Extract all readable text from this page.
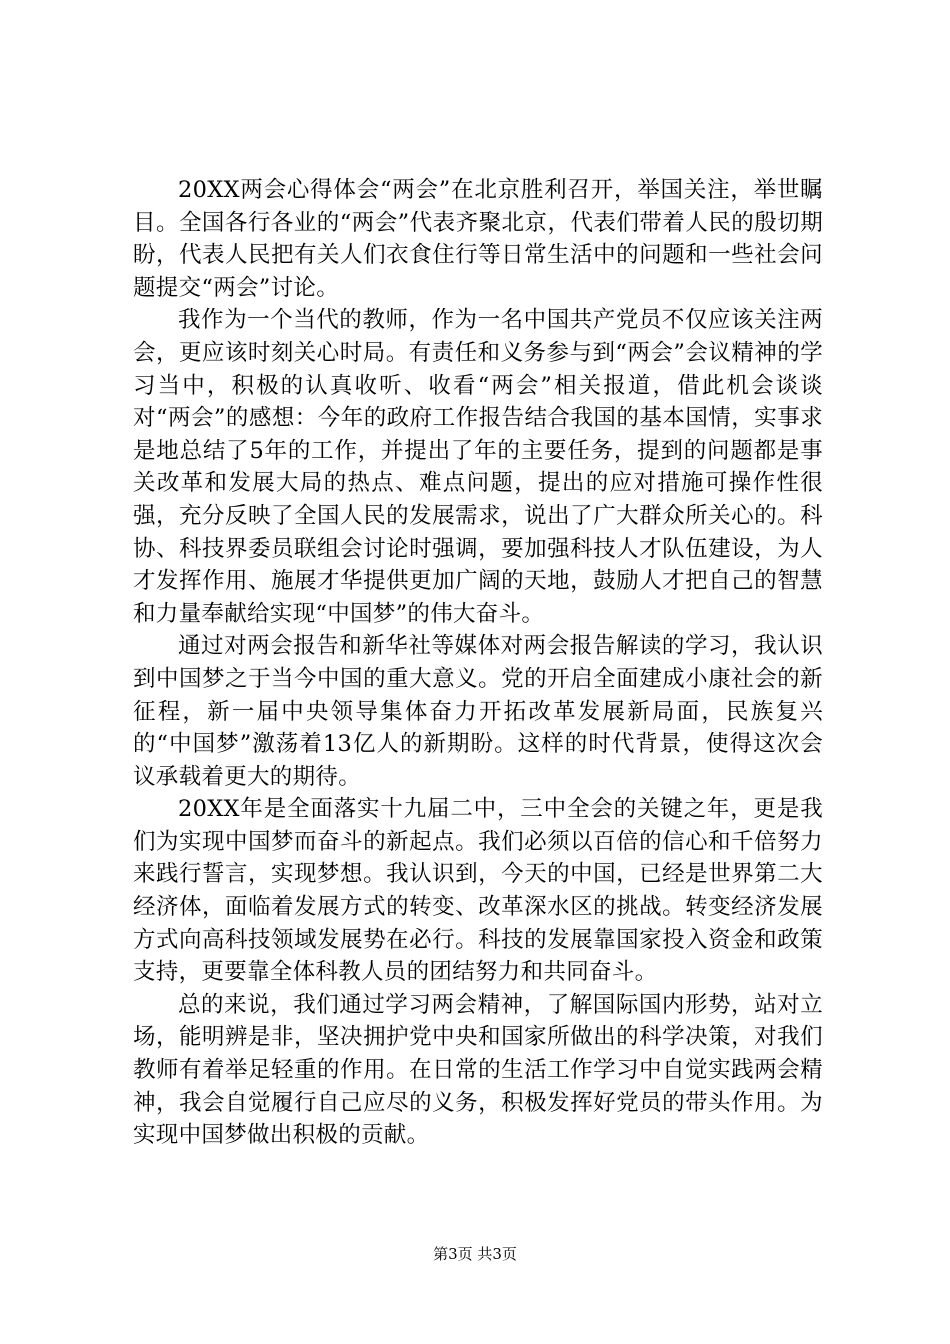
20XX两会心得体会“两会”在北京胜利召开，举国关注，举世瞩目。全国各行各业的“两会”代表齐聚北京，代表们带着人民的殷切期盼，代表人民把有关人们衣食住行等日常生活中的问题和一些社会问题提交“两会”讨论。

我作为一个当代的教师，作为一名中国共产党员不仅应该关注两会，更应该时刻关心时局。有责任和义务参与到“两会”会议精神的学习当中，积极的认真收听、收看“两会”相关报道，借此机会谈谈对“两会”的感想：今年的政府工作报告结合我国的基本国情，实事求是地总结了5年的工作，并提出了年的主要任务，提到的问题都是事关改革和发展大局的热点、难点问题，提出的应对措施可操作性很强，充分反映了全国人民的发展需求，说出了广大群众所关心的。科协、科技界委员联组会讨论时强调，要加强科技人才队伍建设，为人才发挥作用、施展才华提供更加广阔的天地，鼓励人才把自己的智慧和力量奉献给实现“中国梦”的伟大奋斗。

通过对两会报告和新华社等媒体对两会报告解读的学习，我认识到中国梦之于当今中国的重大意义。党的开启全面建成小康社会的新征程，新一届中央领导集体奋力开拓改革发展新局面，民族复兴的“中国梦”激荡着13亿人的新期盼。这样的时代背景，使得这次会议承载着更大的期待。

20XX年是全面落实十九届二中，三中全会的关键之年，更是我们为实现中国梦而奋斗的新起点。我们必须以百倍的信心和千倍努力来践行誓言，实现梦想。我认识到，今天的中国，已经是世界第二大经济体，面临着发展方式的转变、改革深水区的挑战。转变经济发展方式向高科技领域发展势在必行。科技的发展靠国家投入资金和政策支持，更要靠全体科教人员的团结努力和共同奋斗。

总的来说，我们通过学习两会精神，了解国际国内形势，站对立场，能明辨是非，坚决拥护党中央和国家所做出的科学决策，对我们教师有着举足轻重的作用。在日常的生活工作学习中自觉实践两会精神，我会自觉履行自己应尽的义务，积极发挥好党员的带头作用。为实现中国梦做出积极的贡献。

第3页 共3页
